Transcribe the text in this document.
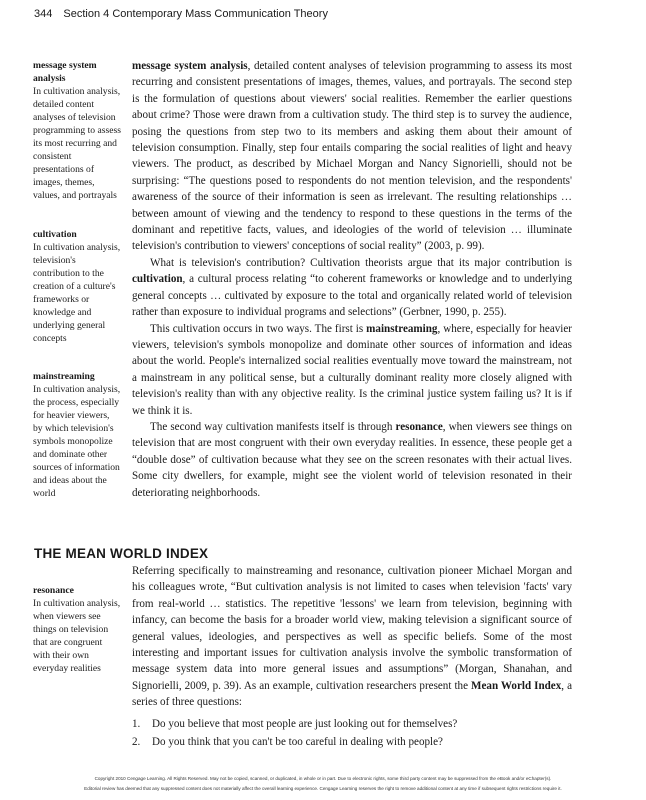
344 Section 4 Contemporary Mass Communication Theory
message system analysis
In cultivation analysis, detailed content analyses of television programming to assess its most recurring and consistent presentations of images, themes, values, and portrayals
cultivation
In cultivation analysis, television's contribution to the creation of a culture's frameworks or knowledge and underlying general concepts
mainstreaming
In cultivation analysis, the process, especially for heavier viewers, by which television's symbols monopolize and dominate other sources of information and ideas about the world
resonance
In cultivation analysis, when viewers see things on television that are congruent with their own everyday realities

message system analysis, detailed content analyses of television programming to assess its most recurring and consistent presentations of images, themes, values, and portrayals. The second step is the formulation of questions about viewers' social realities. Remember the earlier questions about crime? Those were drawn from a cultivation study. The third step is to survey the audience, posing the questions from step two to its members and asking them about their amount of television consumption. Finally, step four entails comparing the social realities of light and heavy viewers. The product, as described by Michael Morgan and Nancy Signorielli, should not be surprising: “The questions posed to respondents do not mention television, and the respondents' awareness of the source of their information is seen as irrelevant. The resulting relationships … between amount of viewing and the tendency to respond to these questions in the terms of the dominant and repetitive facts, values, and ideologies of the world of television … illuminate television's contribution to viewers' conceptions of social reality” (2003, p. 99).

What is television's contribution? Cultivation theorists argue that its major contribution is cultivation, a cultural process relating “to coherent frameworks or knowledge and to underlying general concepts … cultivated by exposure to the total and organically related world of television rather than exposure to individual programs and selections” (Gerbner, 1990, p. 255).

This cultivation occurs in two ways. The first is mainstreaming, where, especially for heavier viewers, television's symbols monopolize and dominate other sources of information and ideas about the world. People's internalized social realities eventually move toward the mainstream, not a mainstream in any political sense, but a culturally dominant reality more closely aligned with television's reality than with any objective reality. Is the criminal justice system failing us? It is if we think it is.

The second way cultivation manifests itself is through resonance, when viewers see things on television that are most congruent with their own everyday realities. In essence, these people get a “double dose” of cultivation because what they see on the screen resonates with their actual lives. Some city dwellers, for example, might see the violent world of television resonated in their deteriorating neighborhoods.

THE MEAN WORLD INDEX

Referring specifically to mainstreaming and resonance, cultivation pioneer Michael Morgan and his colleagues wrote, “But cultivation analysis is not limited to cases when television 'facts' vary from real-world … statistics. The repetitive 'lessons' we learn from television, beginning with infancy, can become the basis for a broader world view, making television a significant source of general values, ideologies, and perspectives as well as specific beliefs. Some of the most interesting and important issues for cultivation analysis involve the symbolic transformation of message system data into more general issues and assumptions” (Morgan, Shanahan, and Signorielli, 2009, p. 39). As an example, cultivation researchers present the Mean World Index, a series of three questions:

1.	Do you believe that most people are just looking out for themselves?
2.	Do you think that you can't be too careful in dealing with people?
Copyright 2010 Cengage Learning. All Rights Reserved. May not be copied, scanned, or duplicated, in whole or in part. Due to electronic rights, some third party content may be suppressed from the eBook and/or eChapter(s).
Editorial review has deemed that any suppressed content does not materially affect the overall learning experience. Cengage Learning reserves the right to remove additional content at any time if subsequent rights restrictions require it.
